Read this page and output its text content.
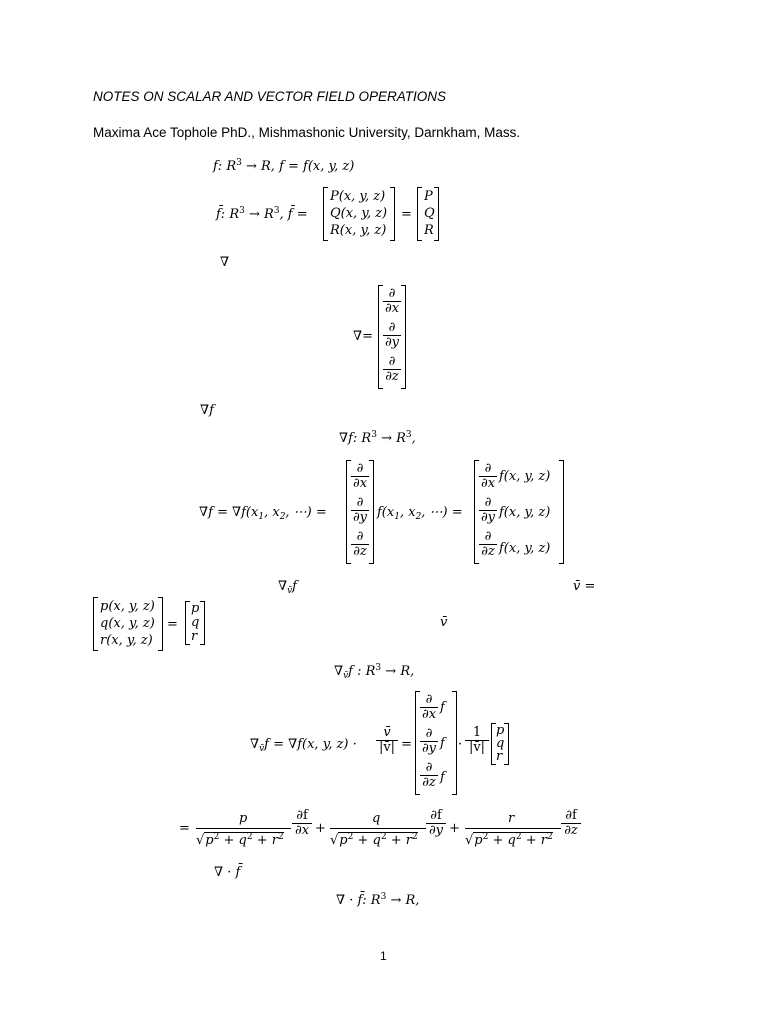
NOTES ON SCALAR AND VECTOR FIELD OPERATIONS
Maxima Ace Tophole PhD., Mishmashonic University, Darnkham, Mass.
f: $R^3 \to R$, f = f(x, y, z)
f̄: $R^3 \to R^3$, f̄ =
P(x, y, z)
Q(x, y, z)
R(x, y, z)
=
P
Q
R
∇
∇=
∂
∂x
∂
∂y
∂
∂z
∇f
∇f: $R^3 \to R^3$,
$\nabla f = \nabla f(x_1$, $x_2$, ⋯) =
∂
∂x
∂
∂y
∂
∂z
$f(x_1$, $x_2$, ⋯) =
∂
∂x f(x, y, z)
∂
∂y f(x, y, z)
∂
∂z f(x, y, z)
$\nabla_{v̄}f$	v̄ =
p(x, y, z)
q(x, y, z)
r(x, y, z)
=
p
q
r
v̄
$\nabla_{v̄}f$ : $R^3 \to R$,
$\nabla_{v̄}f = \nabla f(x$, y, $z) \cdot \frac{v̄}{|v̄|}$ =
∂
∂x f
∂
∂y f
∂
∂z f
· $\frac{1}{|v̄|}$ p
q
r
=
p
$√p^2 + q^2 + r^2 \frac{\partial f}{\partial x}$ +
q
$√p^2 + q^2 + r^2 \frac{\partial f}{\partial y}$ +
r
$√p^2 + q^2 + r^2 \frac{\partial f}{\partial z}$
∇ · f̄
∇ · f̄: $R^3 \to R$,
1
